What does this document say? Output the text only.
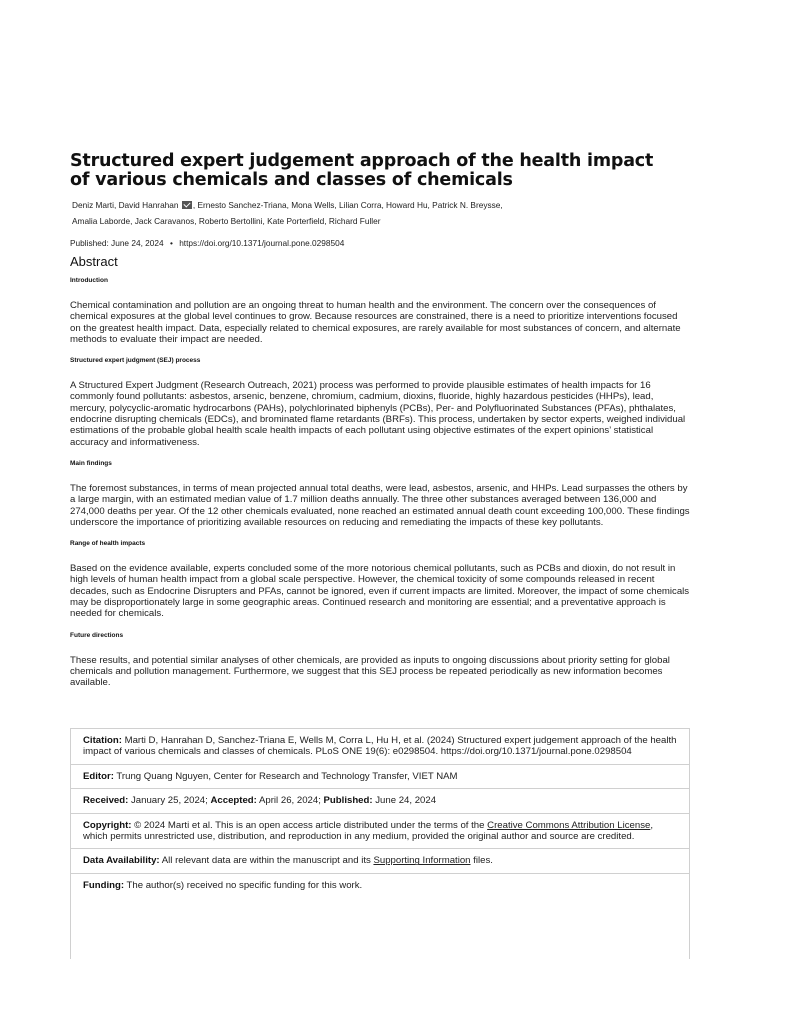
Structured expert judgement approach of the health impact
of various chemicals and classes of chemicals
Deniz Marti, David Hanrahan , Ernesto Sanchez-Triana, Mona Wells, Lilian Corra, Howard Hu, Patrick N. Breysse,
Amalia Laborde, Jack Caravanos, Roberto Bertollini, Kate Porterfield, Richard Fuller
Published: June 24, 2024 • https://doi.org/10.1371/journal.pone.0298504
Abstract
Introduction

Chemical contamination and pollution are an ongoing threat to human health and the environment. The concern over the consequences of chemical exposures at the global level continues to grow. Because resources are constrained, there is a need to prioritize interventions focused on the greatest health impact. Data, especially related to chemical exposures, are rarely available for most substances of concern, and alternate methods to evaluate their impact are needed.

Structured expert judgment (SEJ) process

A Structured Expert Judgment (Research Outreach, 2021) process was performed to provide plausible estimates of health impacts for 16 commonly found pollutants: asbestos, arsenic, benzene, chromium, cadmium, dioxins, fluoride, highly hazardous pesticides (HHPs), lead, mercury, polycyclic-aromatic hydrocarbons (PAHs), polychlorinated biphenyls (PCBs), Per- and Polyfluorinated Substances (PFAs), phthalates, endocrine disrupting chemicals (EDCs), and brominated flame retardants (BRFs). This process, undertaken by sector experts, weighed individual estimations of the probable global health scale health impacts of each pollutant using objective estimates of the expert opinions’ statistical accuracy and informativeness.

Main findings

The foremost substances, in terms of mean projected annual total deaths, were lead, asbestos, arsenic, and HHPs. Lead surpasses the others by a large margin, with an estimated median value of 1.7 million deaths annually. The three other substances averaged between 136,000 and 274,000 deaths per year. Of the 12 other chemicals evaluated, none reached an estimated annual death count exceeding 100,000. These findings underscore the importance of prioritizing available resources on reducing and remediating the impacts of these key pollutants.

Range of health impacts

Based on the evidence available, experts concluded some of the more notorious chemical pollutants, such as PCBs and dioxin, do not result in high levels of human health impact from a global scale perspective. However, the chemical toxicity of some compounds released in recent decades, such as Endocrine Disrupters and PFAs, cannot be ignored, even if current impacts are limited. Moreover, the impact of some chemicals may be disproportionately large in some geographic areas. Continued research and monitoring are essential; and a preventative approach is needed for chemicals.

Future directions

These results, and potential similar analyses of other chemicals, are provided as inputs to ongoing discussions about priority setting for global chemicals and pollution management. Furthermore, we suggest that this SEJ process be repeated periodically as new information becomes available.

Citation: Marti D, Hanrahan D, Sanchez-Triana E, Wells M, Corra L, Hu H, et al. (2024) Structured expert judgement approach of the health impact of various chemicals and classes of chemicals. PLoS ONE 19(6): e0298504. https://doi.org/10.1371/journal.pone.0298504
Editor: Trung Quang Nguyen, Center for Research and Technology Transfer, VIET NAM
Received: January 25, 2024; Accepted: April 26, 2024; Published: June 24, 2024
Copyright: © 2024 Marti et al. This is an open access article distributed under the terms of the Creative Commons Attribution License, which permits unrestricted use, distribution, and reproduction in any medium, provided the original author and source are credited.
Data Availability: All relevant data are within the manuscript and its Supporting Information files.
Funding: The author(s) received no specific funding for this work.
